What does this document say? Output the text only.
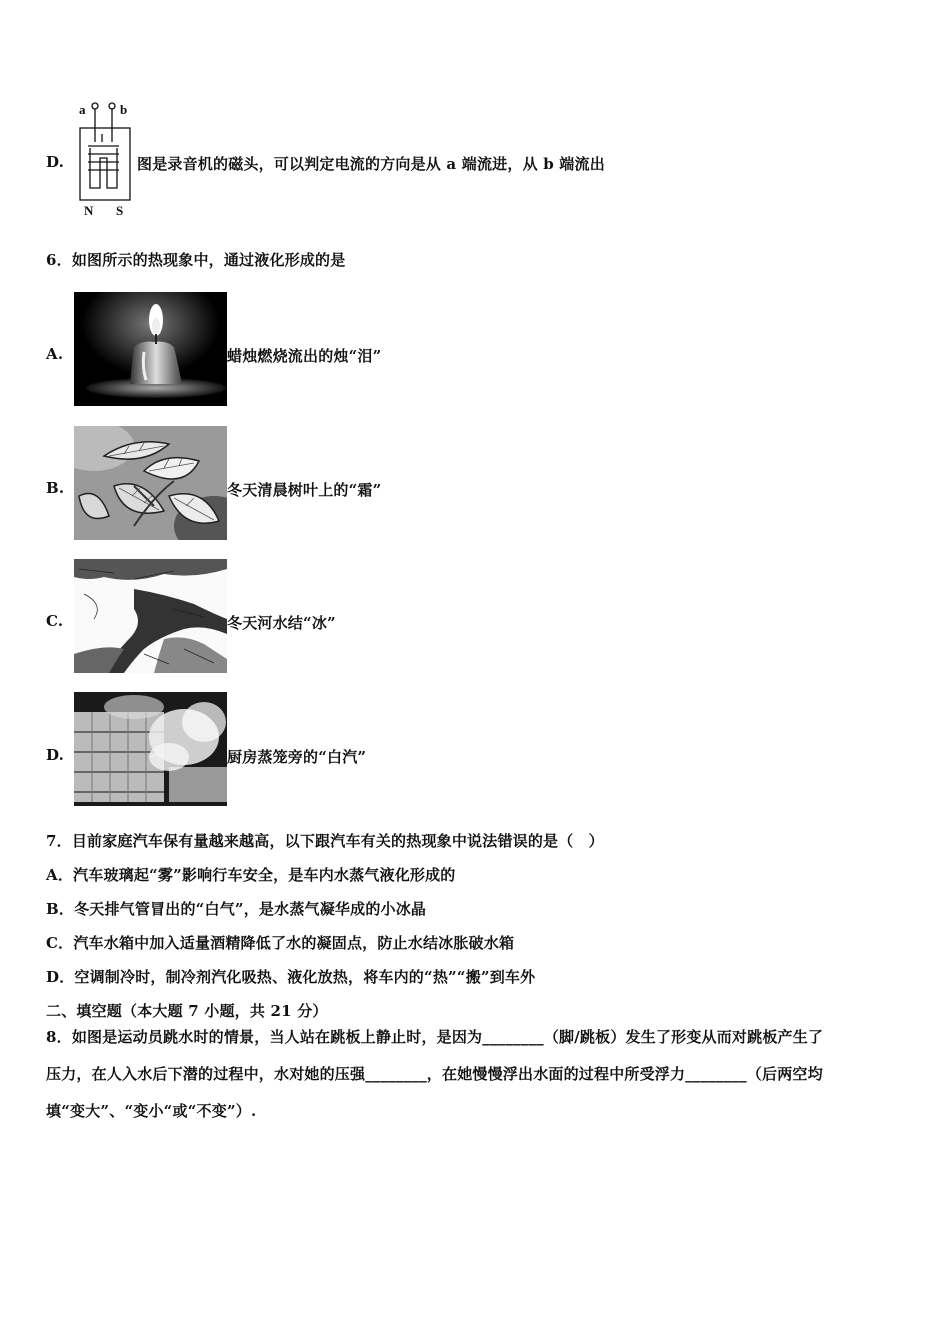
D.
a	b
N S
图是录音机的磁头，可以判定电流的方向是从 a 端流进，从 b 端流出
6．如图所示的热现象中，通过液化形成的是
A.	蜡烛燃烧流出的烛“泪”
B.	冬天清晨树叶上的“霜”
C.	冬天河水结“冰”
D.	厨房蒸笼旁的“白汽”
7．目前家庭汽车保有量越来越高，以下跟汽车有关的热现象中说法错误的是（　）
A．汽车玻璃起“雾”影响行车安全，是车内水蒸气液化形成的
B．冬天排气管冒出的“白气”，是水蒸气凝华成的小冰晶
C．汽车水箱中加入适量酒精降低了水的凝固点，防止水结冰胀破水箱
D．空调制冷时，制冷剂汽化吸热、液化放热，将车内的“热”“搬”到车外
二、填空题（本大题 7 小题，共 21 分）
8．如图是运动员跳水时的情景，当人站在跳板上静止时，是因为________（脚/跳板）发生了形变从而对跳板产生了
压力，在人入水后下潜的过程中，水对她的压强________，在她慢慢浮出水面的过程中所受浮力________（后两空均
填“变大”、“变小“或“不变”）.
